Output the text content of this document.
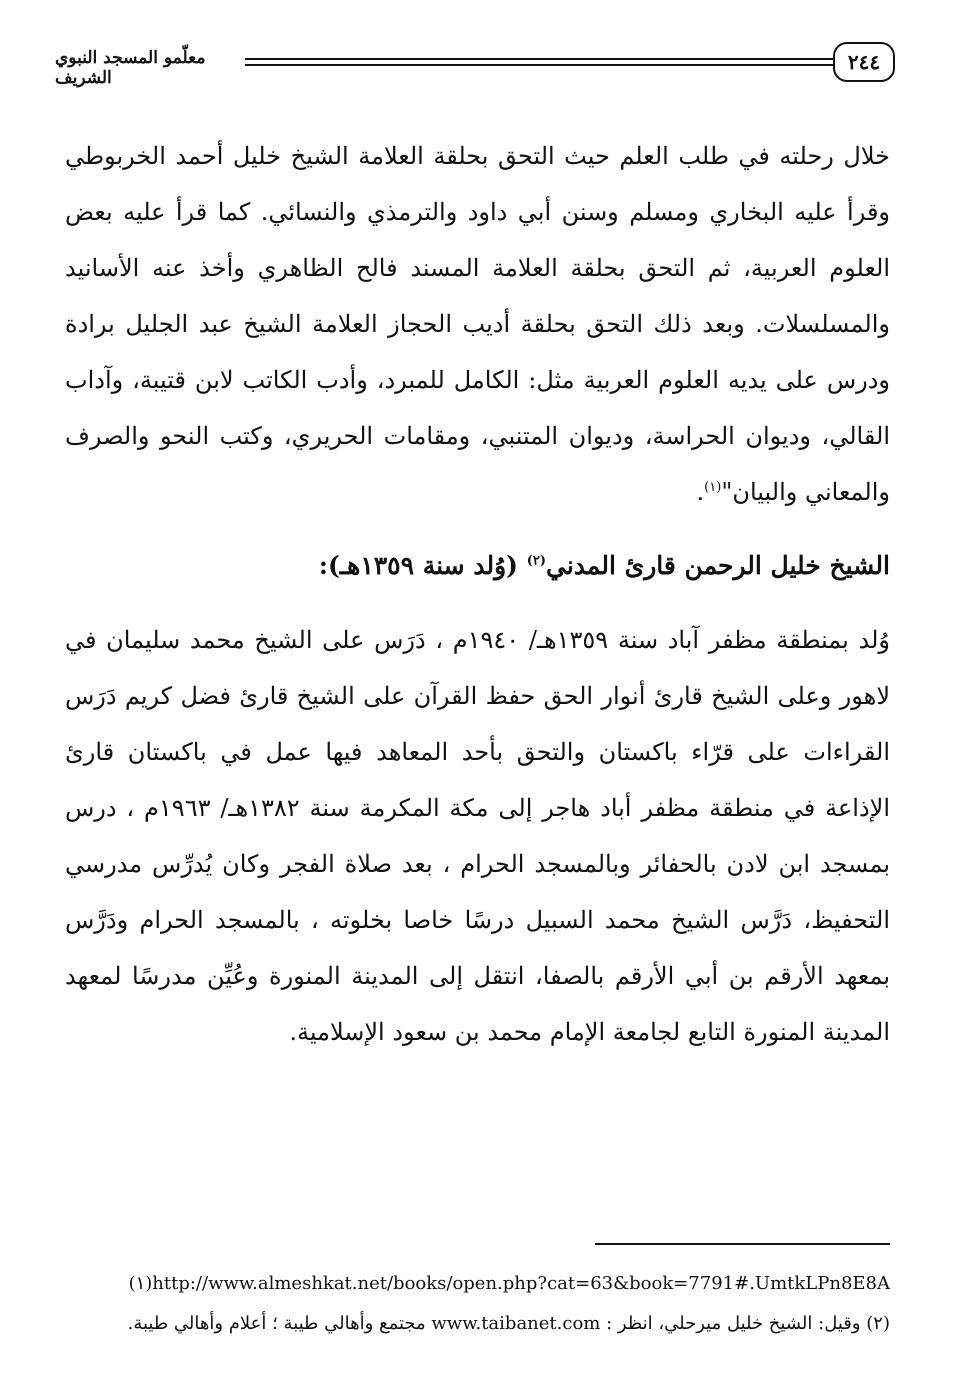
معلّمو المسجد النبوي الشريف
٢٤٤

خلال رحلته في طلب العلم حيث التحق بحلقة العلامة الشيخ خليل أحمد الخربوطي وقرأ عليه البخاري ومسلم وسنن أبي داود والترمذي والنسائي. كما قرأ عليه بعض العلوم العربية، ثم التحق بحلقة العلامة المسند فالح الظاهري وأخذ عنه الأسانيد والمسلسلات. وبعد ذلك التحق بحلقة أديب الحجاز العلامة الشيخ عبد الجليل برادة ودرس على يديه العلوم العربية مثل: الكامل للمبرد، وأدب الكاتب لابن قتيبة، وآداب القالي، وديوان الحراسة، وديوان المتنبي، ومقامات الحريري، وكتب النحو والصرف والمعاني والبيان"$^{(١)}$.

الشيخ خليل الرحمن قارئ المدني$^{(٢)}$ (وُلد سنة ١٣٥٩هـ):

وُلد بمنطقة مظفر آباد سنة ١٣٥٩هـ/ ١٩٤٠م ، دَرَس على الشيخ محمد سليمان في لاهور وعلى الشيخ قارئ أنوار الحق حفظ القرآن على الشيخ قارئ فضل كريم دَرَس القراءات على قرّاء باكستان والتحق بأحد المعاهد فيها عمل في باكستان قارئ الإذاعة في منطقة مظفر أباد هاجر إلى مكة المكرمة سنة ١٣٨٢هـ/ ١٩٦٣م ، درس بمسجد ابن لادن بالحفائر وبالمسجد الحرام ، بعد صلاة الفجر وكان يُدرِّس مدرسي التحفيظ، دَرَّس الشيخ محمد السبيل درسًا خاصا بخلوته ، بالمسجد الحرام ودَرَّس بمعهد الأرقم بن أبي الأرقم بالصفا، انتقل إلى المدينة المنورة وعُيِّن مدرسًا لمعهد المدينة المنورة التابع لجامعة الإمام محمد بن سعود الإسلامية.

(١)http://www.almeshkat.net/books/open.php?cat=63&book=7791#.UmtkLPn8E8A

(٢) وقيل: الشيخ خليل ميرحلي، انظر : www.taibanet.com مجتمع وأهالي طيبة ؛ أعلام وأهالي طيبة.
